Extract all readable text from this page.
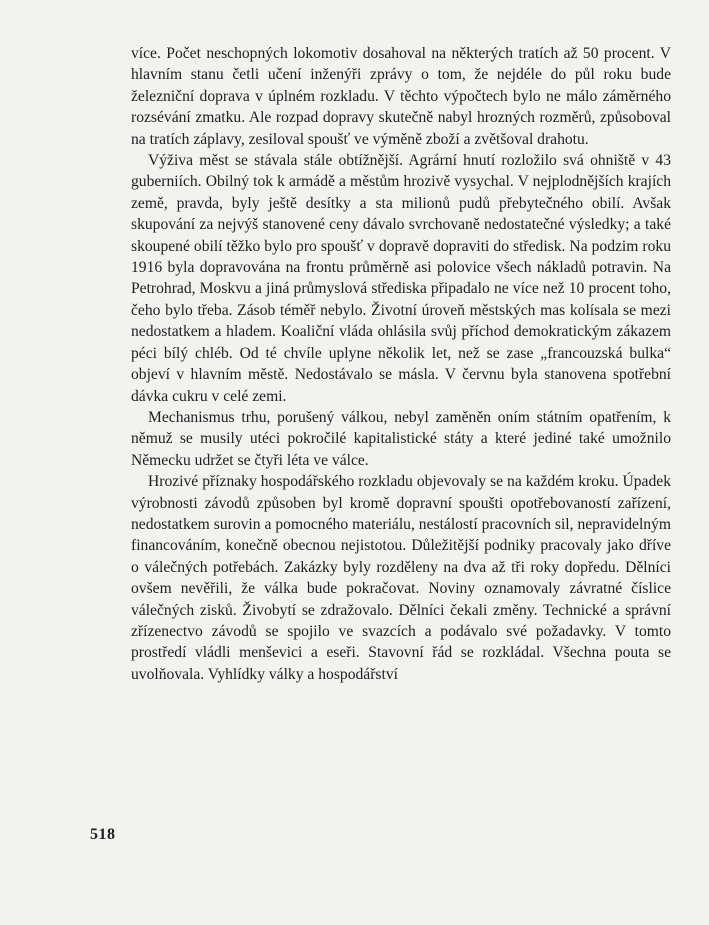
více. Počet neschopných lokomotiv dosahoval na některých tratích až 50 procent. V hlavním stanu četli učení inženýři zprávy o tom, že nejdéle do půl roku bude železniční doprava v úplném rozkladu. V těchto výpočtech bylo ne málo záměrného rozsévání zmatku. Ale rozpad dopravy skutečně nabyl hrozných rozměrů, způsoboval na tratích záplavy, zesiloval spoušť ve výměně zboží a zvětšoval drahotu.

Výživa měst se stávala stále obtížnější. Agrární hnutí rozložilo svá ohniště v 43 guberniích. Obilný tok k armádě a městům hrozivě vysychal. V nejplodnějších krajích země, pravda, byly ještě desítky a sta milionů pudů přebytečného obilí. Avšak skupování za nejvýš stanovené ceny dávalo svrchovaně nedostatečné výsledky; a také skoupené obilí těžko bylo pro spoušť v dopravě dopraviti do středisk. Na podzim roku 1916 byla dopravována na frontu průměrně asi polovice všech nákladů potravin. Na Petrohrad, Moskvu a jiná průmyslová střediska připadalo ne více než 10 procent toho, čeho bylo třeba. Zásob téměř nebylo. Životní úroveň městských mas kolísala se mezi nedostatkem a hladem. Koaliční vláda ohlásila svůj příchod demokratickým zákazem péci bílý chléb. Od té chvíle uplyne několik let, než se zase „francouzská bulka“ objeví v hlavním městě. Nedostávalo se másla. V červnu byla stanovena spotřební dávka cukru v celé zemi.

Mechanismus trhu, porušený válkou, nebyl zaměněn oním státním opatřením, k němuž se musily utéci pokročilé kapitalistické státy a které jediné také umožnilo Německu udržet se čtyři léta ve válce.

Hrozivé příznaky hospodářského rozkladu objevovaly se na každém kroku. Úpadek výrobnosti závodů způsoben byl kromě dopravní spoušti opotřebovaností zařízení, nedostatkem surovin a pomocného materiálu, nestálostí pracovních sil, nepravidelným financováním, konečně obecnou nejistotou. Důležitější podniky pracovaly jako dříve o válečných potřebách. Zakázky byly rozděleny na dva až tři roky dopředu. Dělníci ovšem nevěřili, že válka bude pokračovat. Noviny oznamovaly závratné číslice válečných zisků. Živobytí se zdražovalo. Dělníci čekali změny. Technické a správní zřízenectvo závodů se spojilo ve svazcích a podávalo své požadavky. V tomto prostředí vládli menševici a eseři. Stavovní řád se rozkládal. Všechna pouta se uvolňovala. Vyhlídky války a hospodářství

518
